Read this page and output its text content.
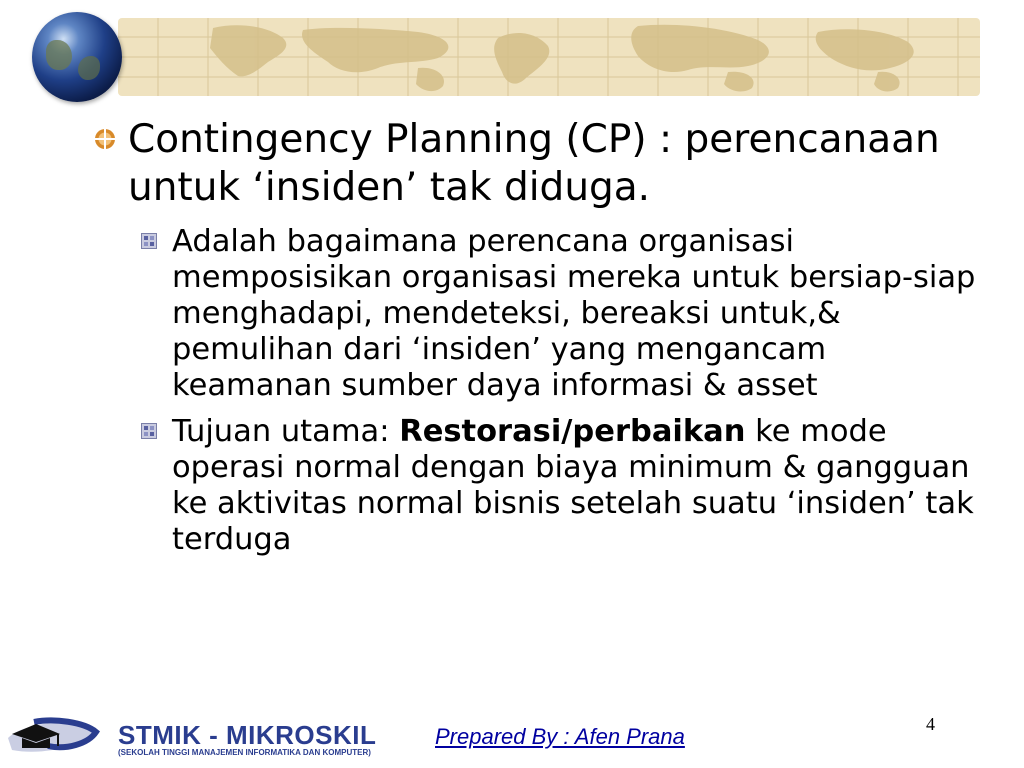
Contingency Planning (CP) : perencanaan untuk ‘insiden’ tak diduga.
Adalah bagaimana perencana organisasi memposisikan organisasi mereka untuk bersiap-siap menghadapi, mendeteksi, bereaksi untuk,& pemulihan dari ‘insiden’ yang mengancam keamanan sumber daya informasi & asset
Tujuan utama: Restorasi/perbaikan ke mode operasi normal dengan biaya minimum & gangguan ke aktivitas normal bisnis setelah suatu ‘insiden’ tak terduga
STMIK - MIKROSKIL
(SEKOLAH TINGGI MANAJEMEN INFORMATIKA DAN KOMPUTER)
Prepared By : Afen Prana	4
